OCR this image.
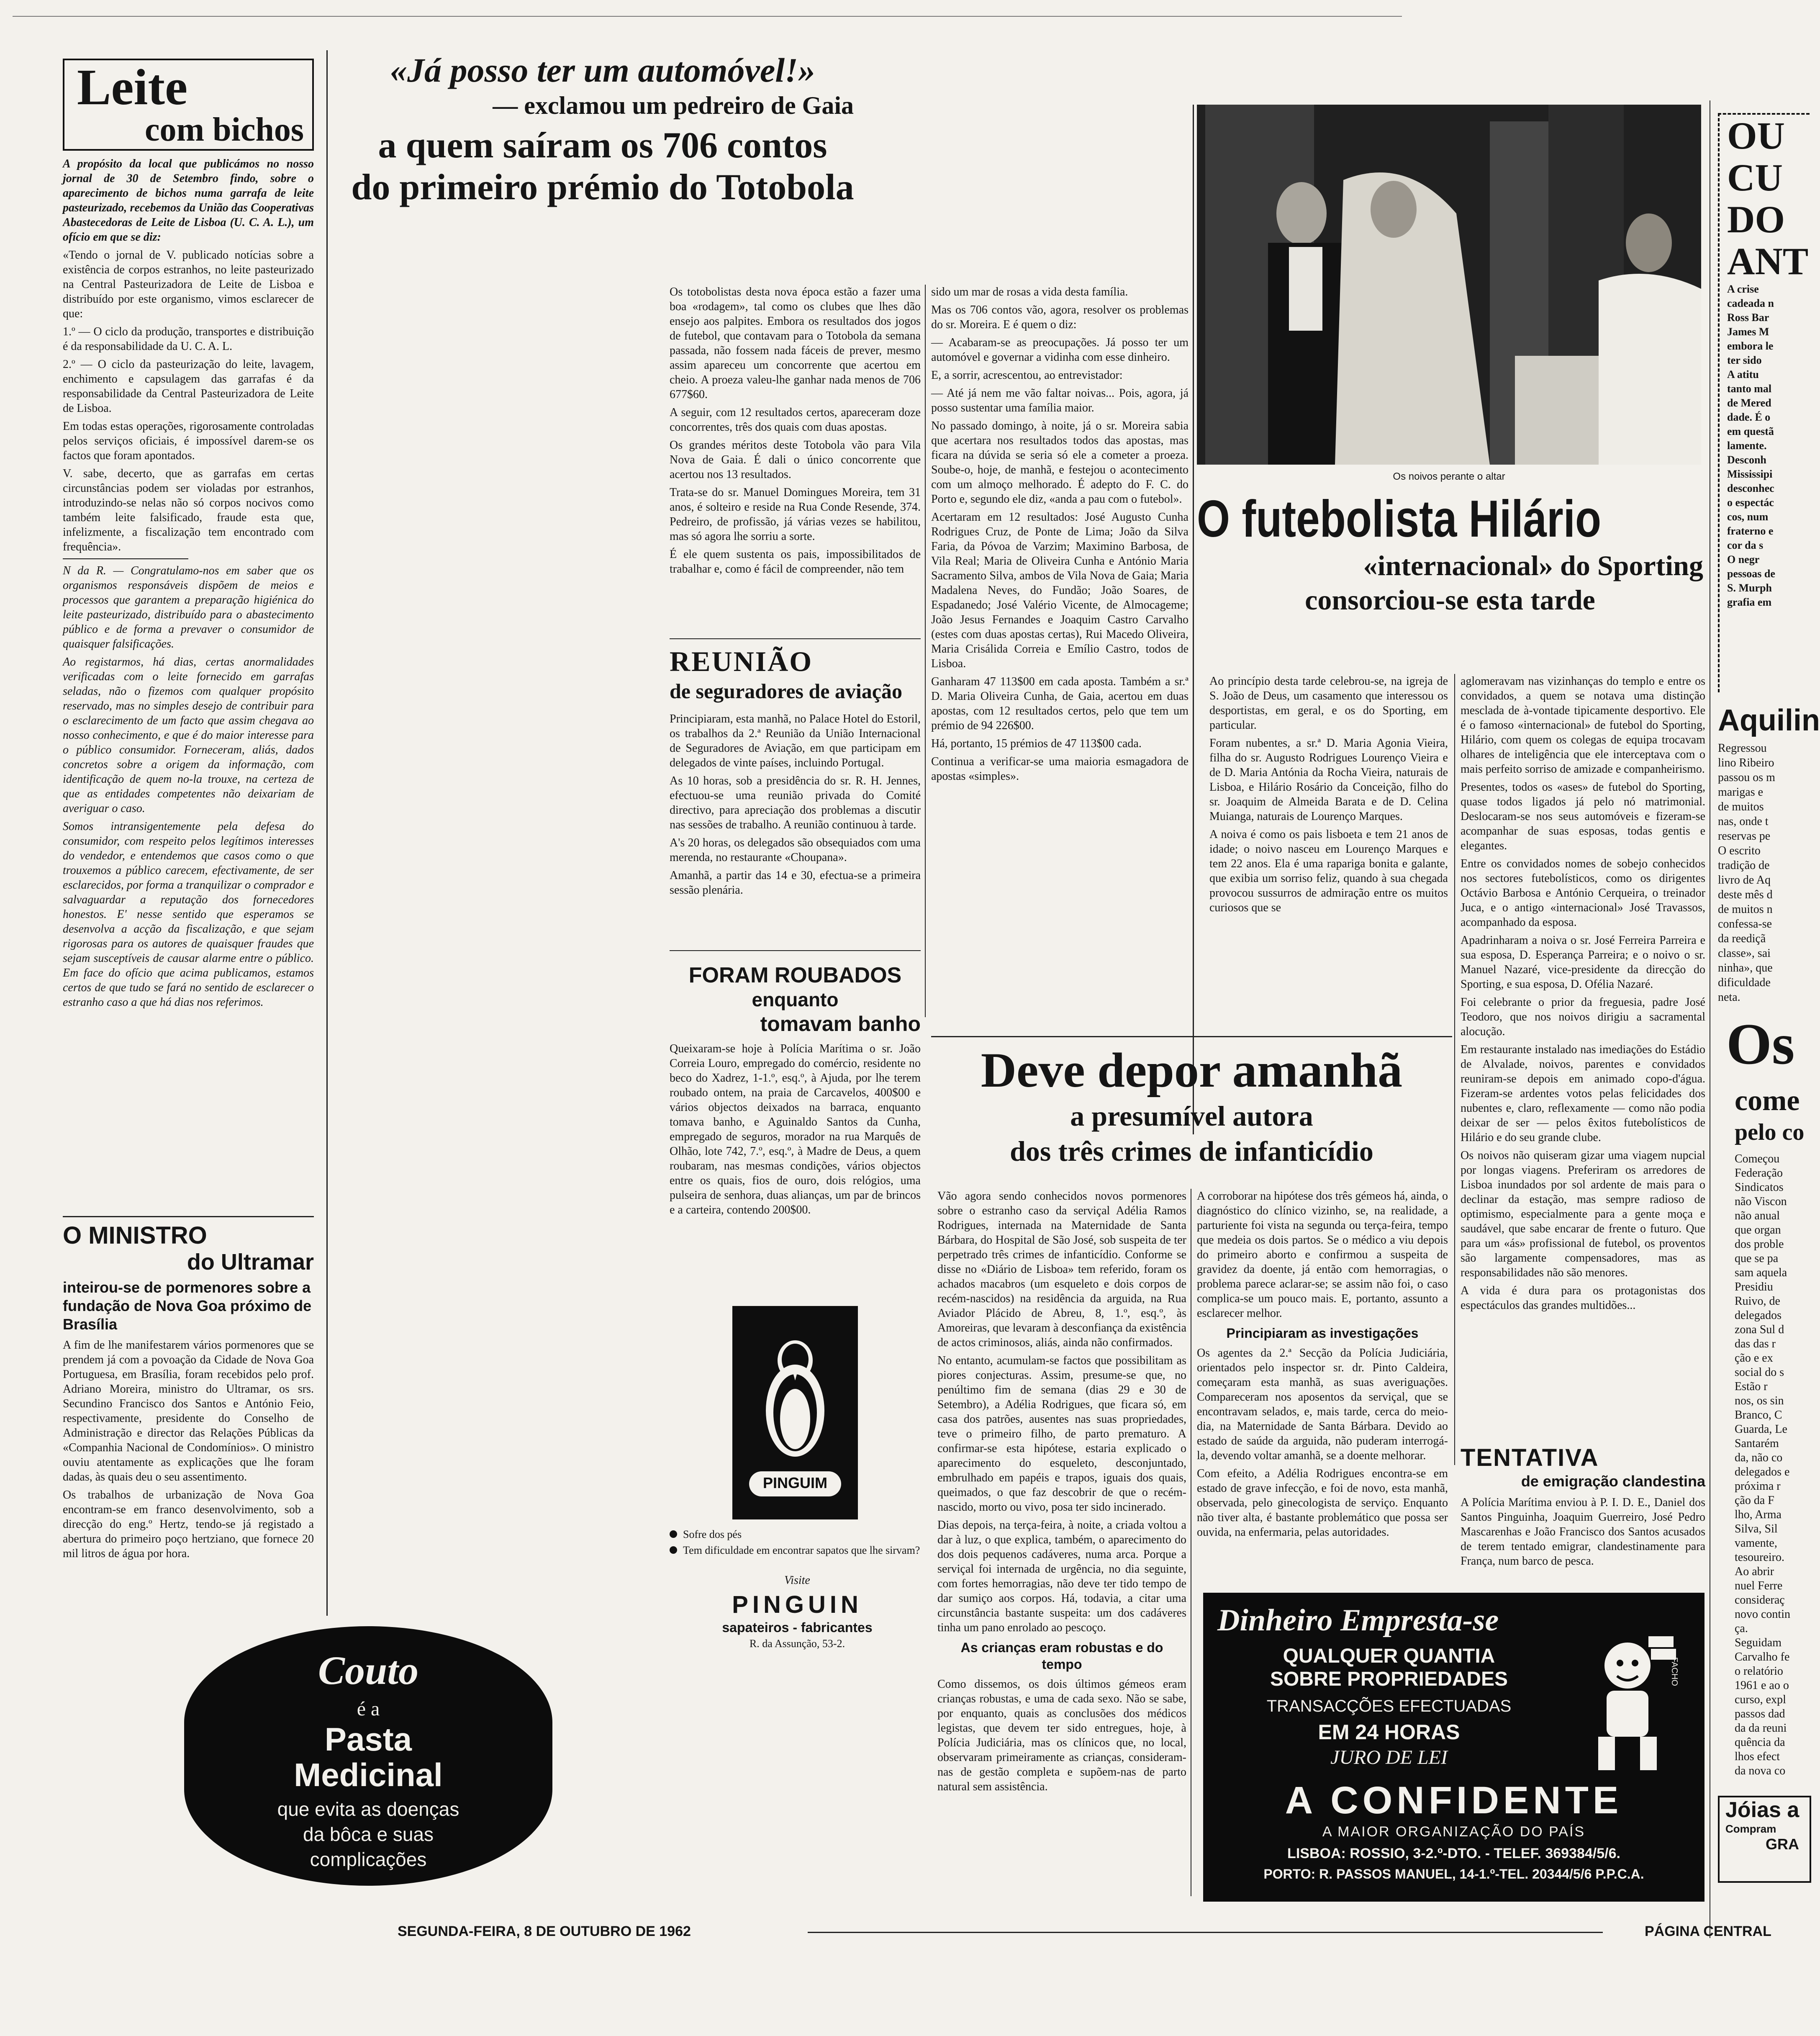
Leite
com bichos

A propósito da local que publicámos no nosso jornal de 30 de Setembro findo, sobre o aparecimento de bichos numa garrafa de leite pasteurizado, recebemos da União das Cooperativas Abastecedoras de Leite de Lisboa (U. C. A. L.), um ofício em que se diz:

«Tendo o jornal de V. publicado notícias sobre a existência de corpos estranhos, no leite pasteurizado na Central Pasteurizadora de Leite de Lisboa e distribuído por este organismo, vimos esclarecer de que:

1.º — O ciclo da produção, transportes e distribuição é da responsabilidade da U. C. A. L.

2.º — O ciclo da pasteurização do leite, lavagem, enchimento e capsulagem das garrafas é da responsabilidade da Central Pasteurizadora de Leite de Lisboa.

Em todas estas operações, rigorosamente controladas pelos serviços oficiais, é impossível darem-se os factos que foram apontados.

V. sabe, decerto, que as garrafas em certas circunstâncias podem ser violadas por estranhos, introduzindo-se nelas não só corpos nocivos como também leite falsificado, fraude esta que, infelizmente, a fiscalização tem encontrado com frequência».

N da R. — Congratulamo-nos em saber que os organismos responsáveis dispõem de meios e processos que garantem a preparação higiénica do leite pasteurizado, distribuído para o abastecimento público e de forma a prevaver o consumidor de quaisquer falsificações.

Ao registarmos, há dias, certas anormalidades verificadas com o leite fornecido em garrafas seladas, não o fizemos com qualquer propósito reservado, mas no simples desejo de contribuir para o esclarecimento de um facto que assim chegava ao nosso conhecimento, e que é do maior interesse para o público consumidor. Forneceram, aliás, dados concretos sobre a origem da informação, com identificação de quem no-la trouxe, na certeza de que as entidades competentes não deixariam de averiguar o caso.

Somos intransigentemente pela defesa do consumidor, com respeito pelos legítimos interesses do vendedor, e entendemos que casos como o que trouxemos a público carecem, efectivamente, de ser esclarecidos, por forma a tranquilizar o comprador e salvaguardar a reputação dos fornecedores honestos. E' nesse sentido que esperamos se desenvolva a acção da fiscalização, e que sejam rigorosas para os autores de quaisquer fraudes que sejam susceptíveis de causar alarme entre o público. Em face do ofício que acima publicamos, estamos certos de que tudo se fará no sentido de esclarecer o estranho caso a que há dias nos referimos.

O MINISTRO
do Ultramar
inteirou-se de pormenores sobre a fundação de Nova Goa próximo de Brasília

A fim de lhe manifestarem vários pormenores que se prendem já com a povoação da Cidade de Nova Goa Portuguesa, em Brasília, foram recebidos pelo prof. Adriano Moreira, ministro do Ultramar, os srs. Secundino Francisco dos Santos e António Feio, respectivamente, presidente do Conselho de Administração e director das Relações Públicas da «Companhia Nacional de Condomínios». O ministro ouviu atentamente as explicações que lhe foram dadas, às quais deu o seu assentimento.

Os trabalhos de urbanização de Nova Goa encontram-se em franco desenvolvimento, sob a direcção do eng.º Hertz, tendo-se já registado a abertura do primeiro poço hertziano, que fornece 20 mil litros de água por hora.

Couto
é a
Pasta
Medicinal
que evita as doenças
da bôca e suas
complicações
«Já posso ter um automóvel!»
— exclamou um pedreiro de Gaia
a quem saíram os 706 contos
do primeiro prémio do Totobola

Os totobolistas desta nova época estão a fazer uma boa «rodagem», tal como os clubes que lhes dão ensejo aos palpites. Embora os resultados dos jogos de futebol, que contavam para o Totobola da semana passada, não fossem nada fáceis de prever, mesmo assim apareceu um concorrente que acertou em cheio. A proeza valeu-lhe ganhar nada menos de 706 677$60.

A seguir, com 12 resultados certos, apareceram doze concorrentes, três dos quais com duas apostas.

Os grandes méritos deste Totobola vão para Vila Nova de Gaia. É dali o único concorrente que acertou nos 13 resultados.

Trata-se do sr. Manuel Domingues Moreira, tem 31 anos, é solteiro e reside na Rua Conde Resende, 374. Pedreiro, de profissão, já várias vezes se habilitou, mas só agora lhe sorriu a sorte.

É ele quem sustenta os pais, impossibilitados de trabalhar e, como é fácil de compreender, não tem

sido um mar de rosas a vida desta família.

Mas os 706 contos vão, agora, resolver os problemas do sr. Moreira. E é quem o diz:

— Acabaram-se as preocupações. Já posso ter um automóvel e governar a vidinha com esse dinheiro.

E, a sorrir, acrescentou, ao entrevistador:

— Até já nem me vão faltar noivas... Pois, agora, já posso sustentar uma família maior.

No passado domingo, à noite, já o sr. Moreira sabia que acertara nos resultados todos das apostas, mas ficara na dúvida se seria só ele a cometer a proeza. Soube-o, hoje, de manhã, e festejou o acontecimento com um almoço melhorado. É adepto do F. C. do Porto e, segundo ele diz, «anda a pau com o futebol».

Acertaram em 12 resultados: José Augusto Cunha Rodrigues Cruz, de Ponte de Lima; João da Silva Faria, da Póvoa de Varzim; Maximino Barbosa, de Vila Real; Maria de Oliveira Cunha e António Maria Sacramento Silva, ambos de Vila Nova de Gaia; Maria Madalena Neves, do Fundão; João Soares, de Espadanedo; José Valério Vicente, de Almocageme; João Jesus Fernandes e Joaquim Castro Carvalho (estes com duas apostas certas), Rui Macedo Oliveira, Maria Crisálida Correia e Emílio Castro, todos de Lisboa.

Ganharam 47 113$00 em cada aposta. Também a sr.ª D. Maria Oliveira Cunha, de Gaia, acertou em duas apostas, com 12 resultados certos, pelo que tem um prémio de 94 226$00.

Há, portanto, 15 prémios de 47 113$00 cada.

Continua a verificar-se uma maioria esmagadora de apostas «simples».

REUNIÃO
de seguradores de aviação

Principiaram, esta manhã, no Palace Hotel do Estoril, os trabalhos da 2.ª Reunião da União Internacional de Seguradores de Aviação, em que participam em delegados de vinte países, incluindo Portugal.

As 10 horas, sob a presidência do sr. R. H. Jennes, efectuou-se uma reunião privada do Comité directivo, para apreciação dos problemas a discutir nas sessões de trabalho. A reunião continuou à tarde.

A's 20 horas, os delegados são obsequiados com uma merenda, no restaurante «Choupana».

Amanhã, a partir das 14 e 30, efectua-se a primeira sessão plenária.

FORAM ROUBADOS
enquanto
tomavam banho

Queixaram-se hoje à Polícia Marítima o sr. João Correia Louro, empregado do comércio, residente no beco do Xadrez, 1-1.º, esq.º, à Ajuda, por lhe terem roubado ontem, na praia de Carcavelos, 400$00 e vários objectos deixados na barraca, enquanto tomava banho, e Aguinaldo Santos da Cunha, empregado de seguros, morador na rua Marquês de Olhão, lote 742, 7.º, esq.º, à Madre de Deus, a quem roubaram, nas mesmas condições, vários objectos entre os quais, fios de ouro, dois relógios, uma pulseira de senhora, duas alianças, um par de brincos e a carteira, contendo 200$00.

PINGUIM
Sofre dos pés
Tem dificuldade em encontrar sapatos que lhe sirvam?
Visite
PINGUIN
sapateiros - fabricantes
R. da Assunção, 53-2.
Os noivos perante o altar
O futebolista Hilário
«internacional» do Sporting
consorciou-se esta tarde

Ao princípio desta tarde celebrou-se, na igreja de S. João de Deus, um casamento que interessou os desportistas, em geral, e os do Sporting, em particular.

Foram nubentes, a sr.ª D. Maria Agonia Vieira, filha do sr. Augusto Rodrigues Lourenço Vieira e de D. Maria Antónia da Rocha Vieira, naturais de Lisboa, e Hilário Rosário da Conceição, filho do sr. Joaquim de Almeida Barata e de D. Celina Muianga, naturais de Lourenço Marques.

A noiva é como os pais lisboeta e tem 21 anos de idade; o noivo nasceu em Lourenço Marques e tem 22 anos. Ela é uma rapariga bonita e galante, que exibia um sorriso feliz, quando à sua chegada provocou sussurros de admiração entre os muitos curiosos que se

aglomeravam nas vizinhanças do templo e entre os convidados, a quem se notava uma distinção mesclada de à-vontade tipicamente desportivo. Ele é o famoso «internacional» de futebol do Sporting, Hilário, com quem os colegas de equipa trocavam olhares de inteligência que ele interceptava com o mais perfeito sorriso de amizade e companheirismo.

Presentes, todos os «ases» de futebol do Sporting, quase todos ligados já pelo nó matrimonial. Deslocaram-se nos seus automóveis e fizeram-se acompanhar de suas esposas, todas gentis e elegantes.

Entre os convidados nomes de sobejo conhecidos nos sectores futebolísticos, como os dirigentes Octávio Barbosa e António Cerqueira, o treinador Juca, e o antigo «internacional» José Travassos, acompanhado da esposa.

Apadrinharam a noiva o sr. José Ferreira Parreira e sua esposa, D. Esperança Parreira; e o noivo o sr. Manuel Nazaré, vice-presidente da direcção do Sporting, e sua esposa, D. Ofélia Nazaré.

Foi celebrante o prior da freguesia, padre José Teodoro, que nos noivos dirigiu a sacramental alocução.

Em restaurante instalado nas imediações do Estádio de Alvalade, noivos, parentes e convidados reuniram-se depois em animado copo-d'água. Fizeram-se ardentes votos pelas felicidades dos nubentes e, claro, reflexamente — como não podia deixar de ser — pelos êxitos futebolísticos de Hilário e do seu grande clube.

Os noivos não quiseram gizar uma viagem nupcial por longas viagens. Preferiram os arredores de Lisboa inundados por sol ardente de mais para o declinar da estação, mas sempre radioso de optimismo, especialmente para a gente moça e saudável, que sabe encarar de frente o futuro. Que para um «ás» profissional de futebol, os proventos são largamente compensadores, mas as responsabilidades não são menores.

A vida é dura para os protagonistas dos espectáculos das grandes multidões...

Deve depor amanhã
a presumível autora
dos três crimes de infanticídio

Vão agora sendo conhecidos novos pormenores sobre o estranho caso da serviçal Adélia Ramos Rodrigues, internada na Maternidade de Santa Bárbara, do Hospital de São José, sob suspeita de ter perpetrado três crimes de infanticídio. Conforme se disse no «Diário de Lisboa» tem referido, foram os achados macabros (um esqueleto e dois corpos de recém-nascidos) na residência da arguida, na Rua Aviador Plácido de Abreu, 8, 1.º, esq.º, às Amoreiras, que levaram à desconfiança da existência de actos criminosos, aliás, ainda não confirmados.

No entanto, acumulam-se factos que possibilitam as piores conjecturas. Assim, presume-se que, no penúltimo fim de semana (dias 29 e 30 de Setembro), a Adélia Rodrigues, que ficara só, em casa dos patrões, ausentes nas suas propriedades, teve o primeiro filho, de parto prematuro. A confirmar-se esta hipótese, estaria explicado o aparecimento do esqueleto, desconjuntado, embrulhado em papéis e trapos, iguais dos quais, queimados, o que faz descobrir de que o recém-nascido, morto ou vivo, posa ter sido incinerado.

Dias depois, na terça-feira, à noite, a criada voltou a dar à luz, o que explica, também, o aparecimento do dos dois pequenos cadáveres, numa arca. Porque a serviçal foi internada de urgência, no dia seguinte, com fortes hemorragias, não deve ter tido tempo de dar sumiço aos corpos. Há, todavia, a citar uma circunstância bastante suspeita: um dos cadáveres tinha um pano enrolado ao pescoço.

As crianças eram robustas e do tempo

Como dissemos, os dois últimos gémeos eram crianças robustas, e uma de cada sexo. Não se sabe, por enquanto, quais as conclusões dos médicos legistas, que devem ter sido entregues, hoje, à Polícia Judiciária, mas os clínicos que, no local, observaram primeiramente as crianças, consideram-nas de gestão completa e supõem-nas de parto natural sem assistência.

A corroborar na hipótese dos três gémeos há, ainda, o diagnóstico do clínico vizinho, se, na realidade, a parturiente foi vista na segunda ou terça-feira, tempo que medeia os dois partos. Se o médico a viu depois do primeiro aborto e confirmou a suspeita de gravidez da doente, já então com hemorragias, o problema parece aclarar-se; se assim não foi, o caso complica-se um pouco mais. E, portanto, assunto a esclarecer melhor.

Principiaram as investigações

Os agentes da 2.ª Secção da Polícia Judiciária, orientados pelo inspector sr. dr. Pinto Caldeira, começaram esta manhã, as suas averiguações. Compareceram nos aposentos da serviçal, que se encontravam selados, e, mais tarde, cerca do meio-dia, na Maternidade de Santa Bárbara. Devido ao estado de saúde da arguida, não puderam interrogá-la, devendo voltar amanhã, se a doente melhorar.

Com efeito, a Adélia Rodrigues encontra-se em estado de grave infecção, e foi de novo, esta manhã, observada, pelo ginecologista de serviço. Enquanto não tiver alta, é bastante problemático que possa ser ouvida, na enfermaria, pelas autoridades.

TENTATIVA
de emigração clandestina

A Polícia Marítima enviou à P. I. D. E., Daniel dos Santos Pinguinha, Joaquim Guerreiro, José Pedro Mascarenhas e João Francisco dos Santos acusados de terem tentado emigrar, clandestinamente para França, num barco de pesca.

Dinheiro Empresta-se
QUALQUER QUANTIA
SOBRE PROPRIEDADES
TRANSACÇÕES EFECTUADAS
EM 24 HORAS
JURO DE LEI
A CONFIDENTE
A MAIOR ORGANIZAÇÃO DO PAÍS
LISBOA: ROSSIO, 3-2.º-DTO. - TELEF. 369384/5/6.
PORTO: R. PASSOS MANUEL, 14-1.º-TEL. 20344/5/6 P.P.C.A.
FACHO
OU
CU
DO
ANT
A crise
cadeada n
Ross Bar
James M
embora le
ter sido
A atitu
tanto mal
de Mered
dade. É o
em questã
lamente.
Desconh
Mississipi
desconhec
o espectác
cos, num
fraterno e
cor da s
O negr
pessoas de
S. Murph
grafia em
Aquilin
Regressou
lino Ribeiro
passou os m
marigas e
de muitos
nas, onde t
reservas pe
O escrito
tradição de
livro de Aq
deste mês d
de muitos n
confessa-se
da reediçã
classe», sai
ninha», que
dificuldade
neta.
Os
come
pelo co
Começou
Federação
Sindicatos
não Viscon
não anual
que organ
dos proble
que se pa
sam aquela
Presidiu
Ruivo, de
delegados
zona Sul d
das das r
ção e ex
social do s
Estão r
nos, os sin
Branco, C
Guarda, Le
Santarém
da, não co
delegados e
próxima r
ção da F
lho, Arma
Silva, Sil
vamente,
tesoureiro.
Ao abrir
nuel Ferre
consideraç
novo contin
ça.
Seguidam
Carvalho fe
o relatório
1961 e ao o
curso, expl
passos dad
da da reuni
quência da
lhos efect
da nova co
Jóias a
Compram
GRA
SEGUNDA-FEIRA, 8 DE OUTUBRO DE 1962	PÁGINA CENTRAL
